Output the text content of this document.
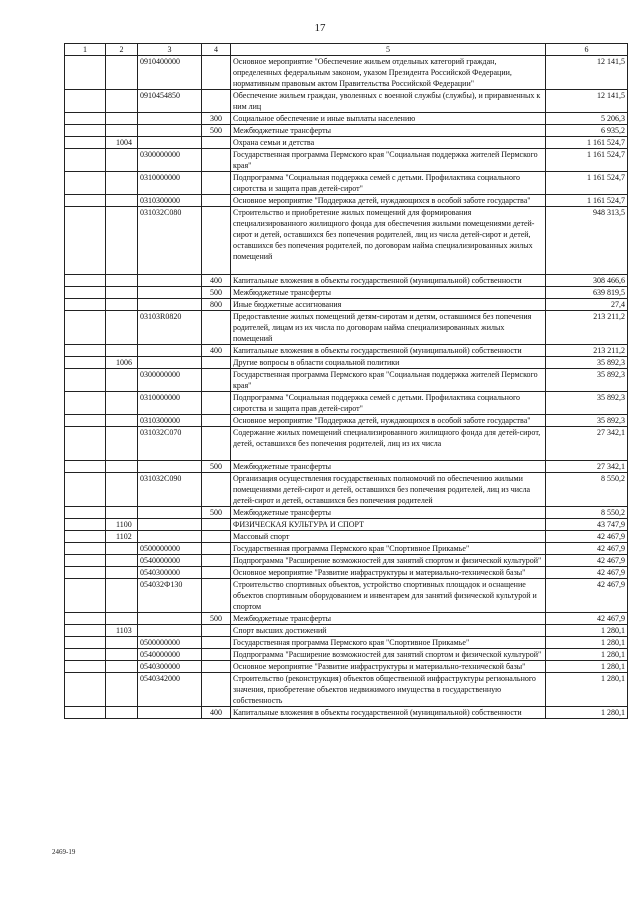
17
1	2	3	4	5	6
		0910400000		Основное мероприятие "Обеспечение жильем отдельных категорий граждан, определенных федеральным законом, указом Президента Российской Федерации, нормативным правовым актом Правительства Российской Федерации"	12 141,5
		0910454850		Обеспечение жильем граждан, уволенных с военной службы (службы), и приравненных к ним лиц	12 141,5
			300	Социальное обеспечение и иные выплаты населению	5 206,3
			500	Межбюджетные трансферты	6 935,2
	1004			Охрана семьи и детства	1 161 524,7
		0300000000		Государственная программа Пермского края "Социальная поддержка жителей Пермского края"	1 161 524,7
		0310000000		Подпрограмма "Социальная поддержка семей с детьми. Профилактика социального сиротства и защита прав детей-сирот"	1 161 524,7
		0310300000		Основное мероприятие "Поддержка детей, нуждающихся в особой заботе государства"	1 161 524,7
		031032С080		Строительство и приобретение жилых помещений для формирования специализированного жилищного фонда для обеспечения жилыми помещениями детей-сирот и детей, оставшихся без попечения родителей, лиц из числа детей-сирот и детей, оставшихся без попечения родителей, по договорам найма специализированных жилых помещений	948 313,5
			400	Капитальные вложения в объекты государственной (муниципальной) собственности	308 466,6
			500	Межбюджетные трансферты	639 819,5
			800	Иные бюджетные ассигнования	27,4
		03103R0820		Предоставление жилых помещений детям-сиротам и детям, оставшимся без попечения родителей, лицам из их числа по договорам найма специализированных жилых помещений	213 211,2
			400	Капитальные вложения в объекты государственной (муниципальной) собственности	213 211,2
	1006			Другие вопросы в области социальной политики	35 892,3
		0300000000		Государственная программа Пермского края "Социальная поддержка жителей Пермского края"	35 892,3
		0310000000		Подпрограмма "Социальная поддержка семей с детьми. Профилактика социального сиротства и защита прав детей-сирот"	35 892,3
		0310300000		Основное мероприятие "Поддержка детей, нуждающихся в особой заботе государства"	35 892,3
		031032С070		Содержание жилых помещений специализированного жилищного фонда для детей-сирот, детей, оставшихся без попечения родителей, лиц из их числа	27 342,1
			500	Межбюджетные трансферты	27 342,1
		031032С090		Организация осуществления государственных полномочий по обеспечению жилыми помещениями детей-сирот и детей, оставшихся без попечения родителей, лиц из числа детей-сирот и детей, оставшихся без попечения родителей	8 550,2
			500	Межбюджетные трансферты	8 550,2
	1100			ФИЗИЧЕСКАЯ КУЛЬТУРА И СПОРТ	43 747,9
	1102			Массовый спорт	42 467,9
		0500000000		Государственная программа Пермского края "Спортивное Прикамье"	42 467,9
		0540000000		Подпрограмма "Расширение возможностей для занятий спортом и физической культурой"	42 467,9
		0540300000		Основное мероприятие "Развитие инфраструктуры и материально-технической базы"	42 467,9
		054032Ф130		Строительство спортивных объектов, устройство спортивных площадок и оснащение объектов спортивным оборудованием и инвентарем для занятий физической культурой и спортом	42 467,9
			500	Межбюджетные трансферты	42 467,9
	1103			Спорт высших достижений	1 280,1
		0500000000		Государственная программа Пермского края "Спортивное Прикамье"	1 280,1
		0540000000		Подпрограмма "Расширение возможностей для занятий спортом и физической культурой"	1 280,1
		0540300000		Основное мероприятие "Развитие инфраструктуры и материально-технической базы"	1 280,1
		0540342000		Строительство (реконструкция) объектов общественной инфраструктуры регионального значения, приобретение объектов недвижимого имущества в государственную собственность	1 280,1
			400	Капитальные вложения в объекты государственной (муниципальной) собственности	1 280,1
2469-19
